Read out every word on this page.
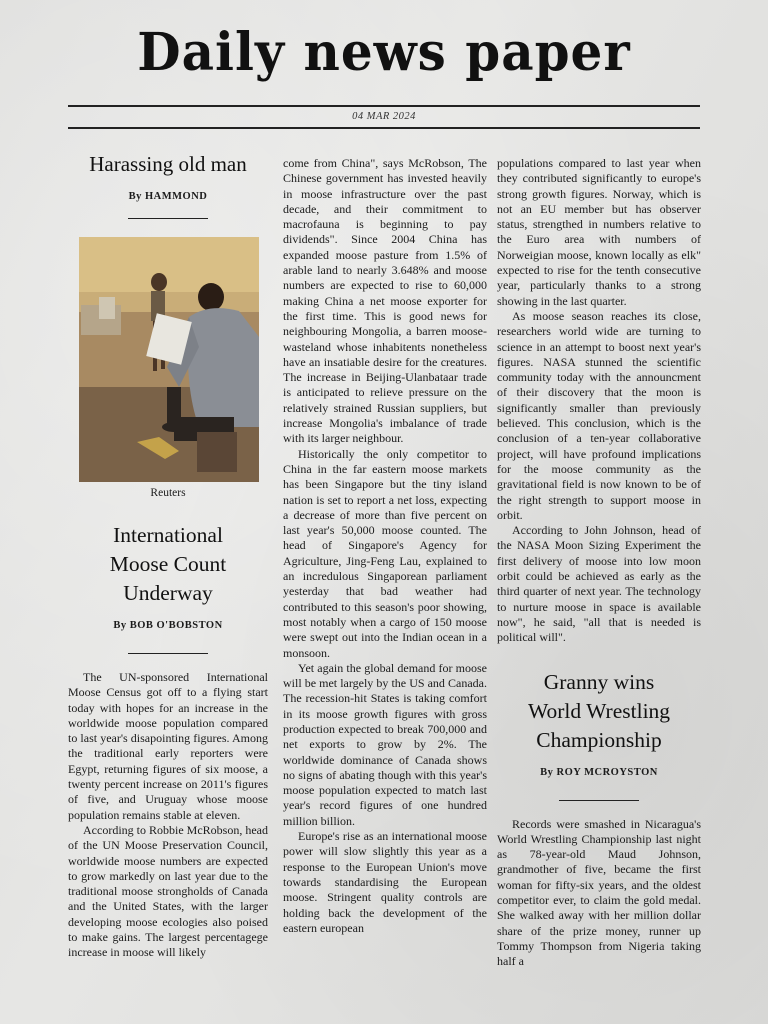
Daily news paper
04 MAR 2024
Harassing old man
By HAMMOND
Reuters
International
Moose Count
Underway
By BOB O'BOBSTON

The UN-sponsored International Moose Census got off to a flying start today with hopes for an increase in the worldwide moose population compared to last year's disapointing figures. Among the traditional early reporters were Egypt, returning figures of six moose, a twenty percent increase on 2011's figures of five, and Uruguay whose moose population remains stable at eleven.

According to Robbie McRobson, head of the UN Moose Preservation Council, worldwide moose numbers are expected to grow markedly on last year due to the traditional moose strongholds of Canada and the United States, with the larger developing moose ecologies also poised to make gains. The largest percentagege increase in moose will likely

come from China", says McRobson, The Chinese government has invested heavily in moose infrastructure over the past decade, and their commitment to macrofauna is beginning to pay dividends". Since 2004 China has expanded moose pasture from 1.5% of arable land to nearly 3.648% and moose numbers are expected to rise to 60,000 making China a net moose exporter for the first time. This is good news for neighbouring Mongolia, a barren moose-wasteland whose inhabitents nonetheless have an insatiable desire for the creatures. The increase in Beijing-Ulanbataar trade is anticipated to relieve pressure on the relatively strained Russian suppliers, but increase Mongolia's imbalance of trade with its larger neighbour.

Historically the only competitor to China in the far eastern moose markets has been Singapore but the tiny island nation is set to report a net loss, expecting a decrease of more than five percent on last year's 50,000 moose counted. The head of Singapore's Agency for Agriculture, Jing-Feng Lau, explained to an incredulous Singaporean parliament yesterday that bad weather had contributed to this season's poor showing, most notably when a cargo of 150 moose were swept out into the Indian ocean in a monsoon.

Yet again the global demand for moose will be met largely by the US and Canada. The recession-hit States is taking comfort in its moose growth figures with gross production expected to break 700,000 and net exports to grow by 2%. The worldwide dominance of Canada shows no signs of abating though with this year's moose population expected to match last year's record figures of one hundred million billion.

Europe's rise as an international moose power will slow slightly this year as a response to the European Union's move towards standardising the European moose. Stringent quality controls are holding back the development of the eastern european

populations compared to last year when they contributed significantly to europe's strong growth figures. Norway, which is not an EU member but has observer status, strengthed in numbers relative to the Euro area with numbers of Norweigian moose, known locally as elk" expected to rise for the tenth consecutive year, particularly thanks to a strong showing in the last quarter.

As moose season reaches its close, researchers world wide are turning to science in an attempt to boost next year's figures. NASA stunned the scientific community today with the announcment of their discovery that the moon is significantly smaller than previously believed. This conclusion, which is the conclusion of a ten-year collaborative project, will have profound implications for the moose community as the gravitational field is now known to be of the right strength to support moose in orbit.

According to John Johnson, head of the NASA Moon Sizing Experiment the first delivery of moose into low moon orbit could be achieved as early as the third quarter of next year. The technology to nurture moose in space is available now", he said, "all that is needed is political will".

Granny wins
World Wrestling
Championship
By ROY MCROYSTON

Records were smashed in Nicaragua's World Wrestling Championship last night as 78-year-old Maud Johnson, grandmother of five, became the first woman for fifty-six years, and the oldest competitor ever, to claim the gold medal. She walked away with her million dollar share of the prize money, runner up Tommy Thompson from Nigeria taking half a
